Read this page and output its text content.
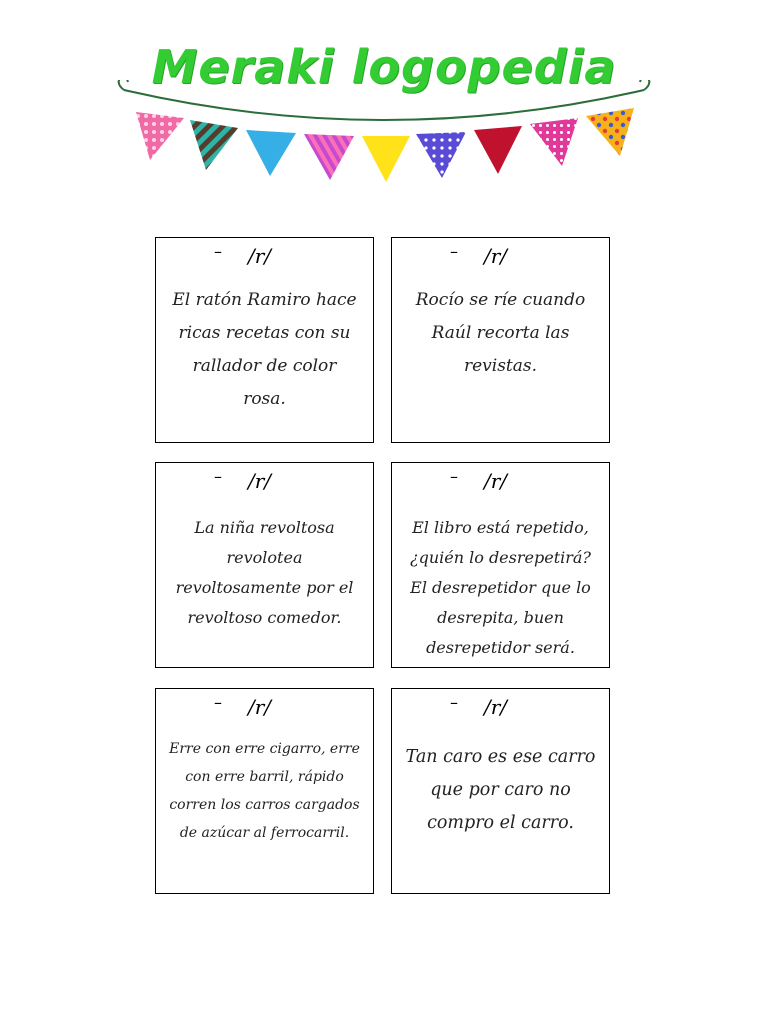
Meraki logopedia
– /r/
El ratón Ramiro hace ricas recetas con su rallador de color rosa.
– /r/
Rocío se ríe cuando Raúl recorta las revistas.
– /r/
La niña revoltosa revolotea revoltosamente por el revoltoso comedor.
– /r/
El libro está repetido, ¿quién lo desrepetirá? El desrepetidor que lo desrepita, buen desrepetidor será.
– /r/
Erre con erre cigarro, erre con erre barril, rápido corren los carros cargados de azúcar al ferrocarril.
– /r/
Tan caro es ese carro que por caro no compro el carro.
